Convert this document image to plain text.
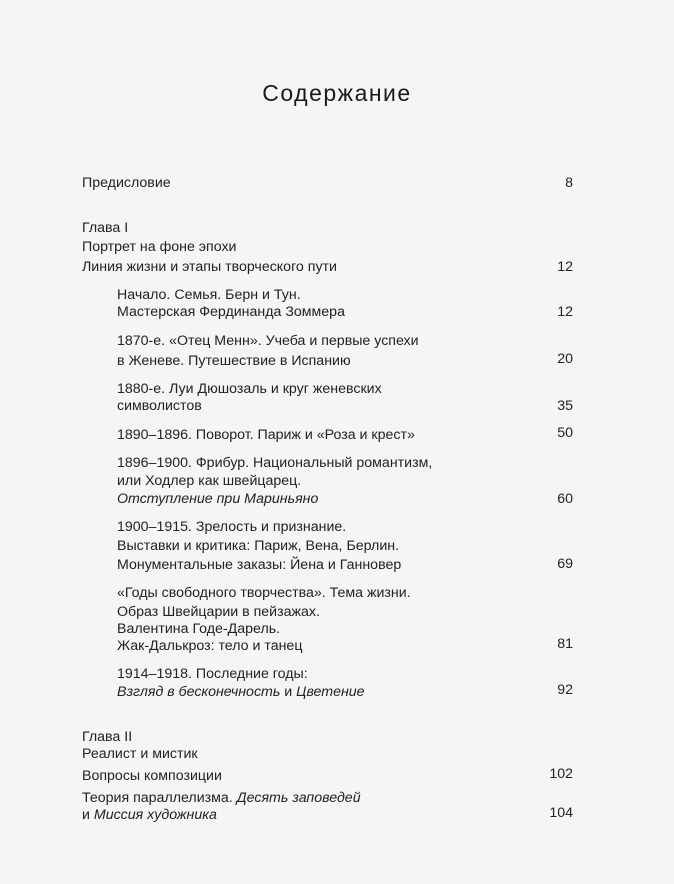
Содержание
Предисловие	8
Глава I
Портрет на фоне эпохи
Линия жизни и этапы творческого пути	12
Начало. Семья. Берн и Тун.
Мастерская Фердинанда Зоммера	12
1870-е. «Отец Менн». Учеба и первые успехи
в Женеве. Путешествие в Испанию	20
1880-е. Луи Дюшозаль и круг женевских
символистов	35
1890–1896. Поворот. Париж и «Роза и крест»	50
1896–1900. Фрибур. Национальный романтизм,
или Ходлер как швейцарец.
Отступление при Мариньяно	60
1900–1915. Зрелость и признание.
Выставки и критика: Париж, Вена, Берлин.
Монументальные заказы: Йена и Ганновер	69
«Годы свободного творчества». Тема жизни.
Образ Швейцарии в пейзажах.
Валентина Годе-Дарель.
Жак-Далькроз: тело и танец	81
1914–1918. Последние годы:
Взгляд в бесконечность и Цветение	92
Глава II
Реалист и мистик
Вопросы композиции	102
Теория параллелизма. Десять заповедей
и Миссия художника	104
